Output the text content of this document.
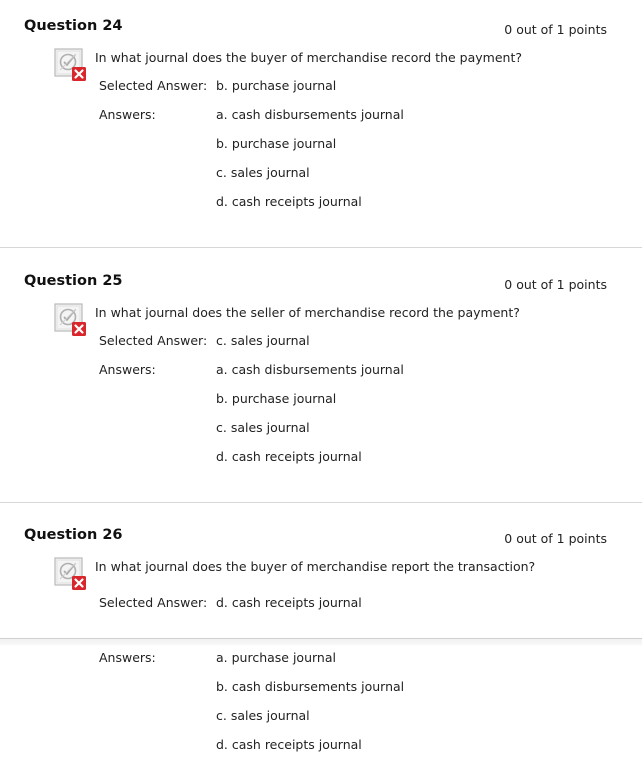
Question 24	0 out of 1 points
In what journal does the buyer of merchandise record the payment?
Selected Answer: b. purchase journal
Answers:	a. cash disbursements journal
b. purchase journal
c. sales journal
d. cash receipts journal
Question 25	0 out of 1 points
In what journal does the seller of merchandise record the payment?
Selected Answer: c. sales journal
Answers:	a. cash disbursements journal
b. purchase journal
c. sales journal
d. cash receipts journal
Question 26	0 out of 1 points
In what journal does the buyer of merchandise report the transaction?
Selected Answer: d. cash receipts journal
Answers:	a. purchase journal
b. cash disbursements journal
c. sales journal
d. cash receipts journal
